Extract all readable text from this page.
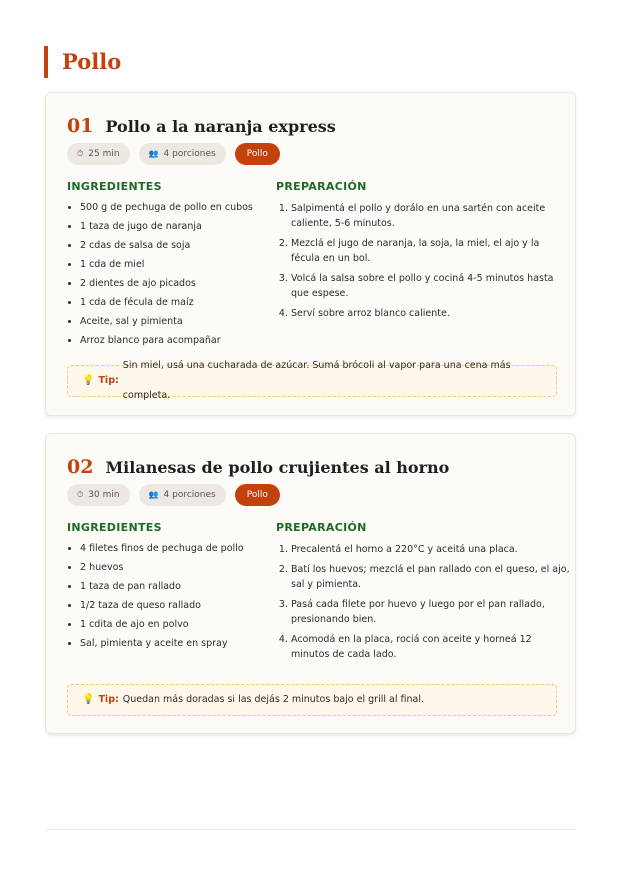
Pollo
01 Pollo a la naranja express
⏱ 25 min	👥 4 porciones	Pollo
INGREDIENTES	PREPARACIÓN
• 500 g de pechuga de pollo en cubos
• 1 taza de jugo de naranja
• 2 cdas de salsa de soja
• 1 cda de miel
• 2 dientes de ajo picados
• 1 cda de fécula de maíz
• Aceite, sal y pimienta
• Arroz blanco para acompañar
1. Salpimentá el pollo y dorálo en una sartén con aceite caliente, 5-6 minutos.
2. Mezclá el jugo de naranja, la soja, la miel, el ajo y la fécula en un bol.
3. Volcá la salsa sobre el pollo y cociná 4-5 minutos hasta que espese.
4. Serví sobre arroz blanco caliente.
💡 Tip:
Sin miel, usá una cucharada de azúcar. Sumá brócoli al vapor para una cena más completa.
02 Milanesas de pollo crujientes al horno
⏱ 30 min	👥 4 porciones	Pollo
INGREDIENTES	PREPARACIÓN
• 4 filetes finos de pechuga de pollo
• 2 huevos
• 1 taza de pan rallado
• 1/2 taza de queso rallado
• 1 cdita de ajo en polvo
• Sal, pimienta y aceite en spray
1. Precalentá el horno a 220°C y aceitá una placa.
2. Batí los huevos; mezclá el pan rallado con el queso, el ajo, sal y pimienta.
3. Pasá cada filete por huevo y luego por el pan rallado, presionando bien.
4. Acomodá en la placa, rociá con aceite y horneá 12 minutos de cada lado.
💡 Tip: Quedan más doradas si las dejás 2 minutos bajo el grill al final.
